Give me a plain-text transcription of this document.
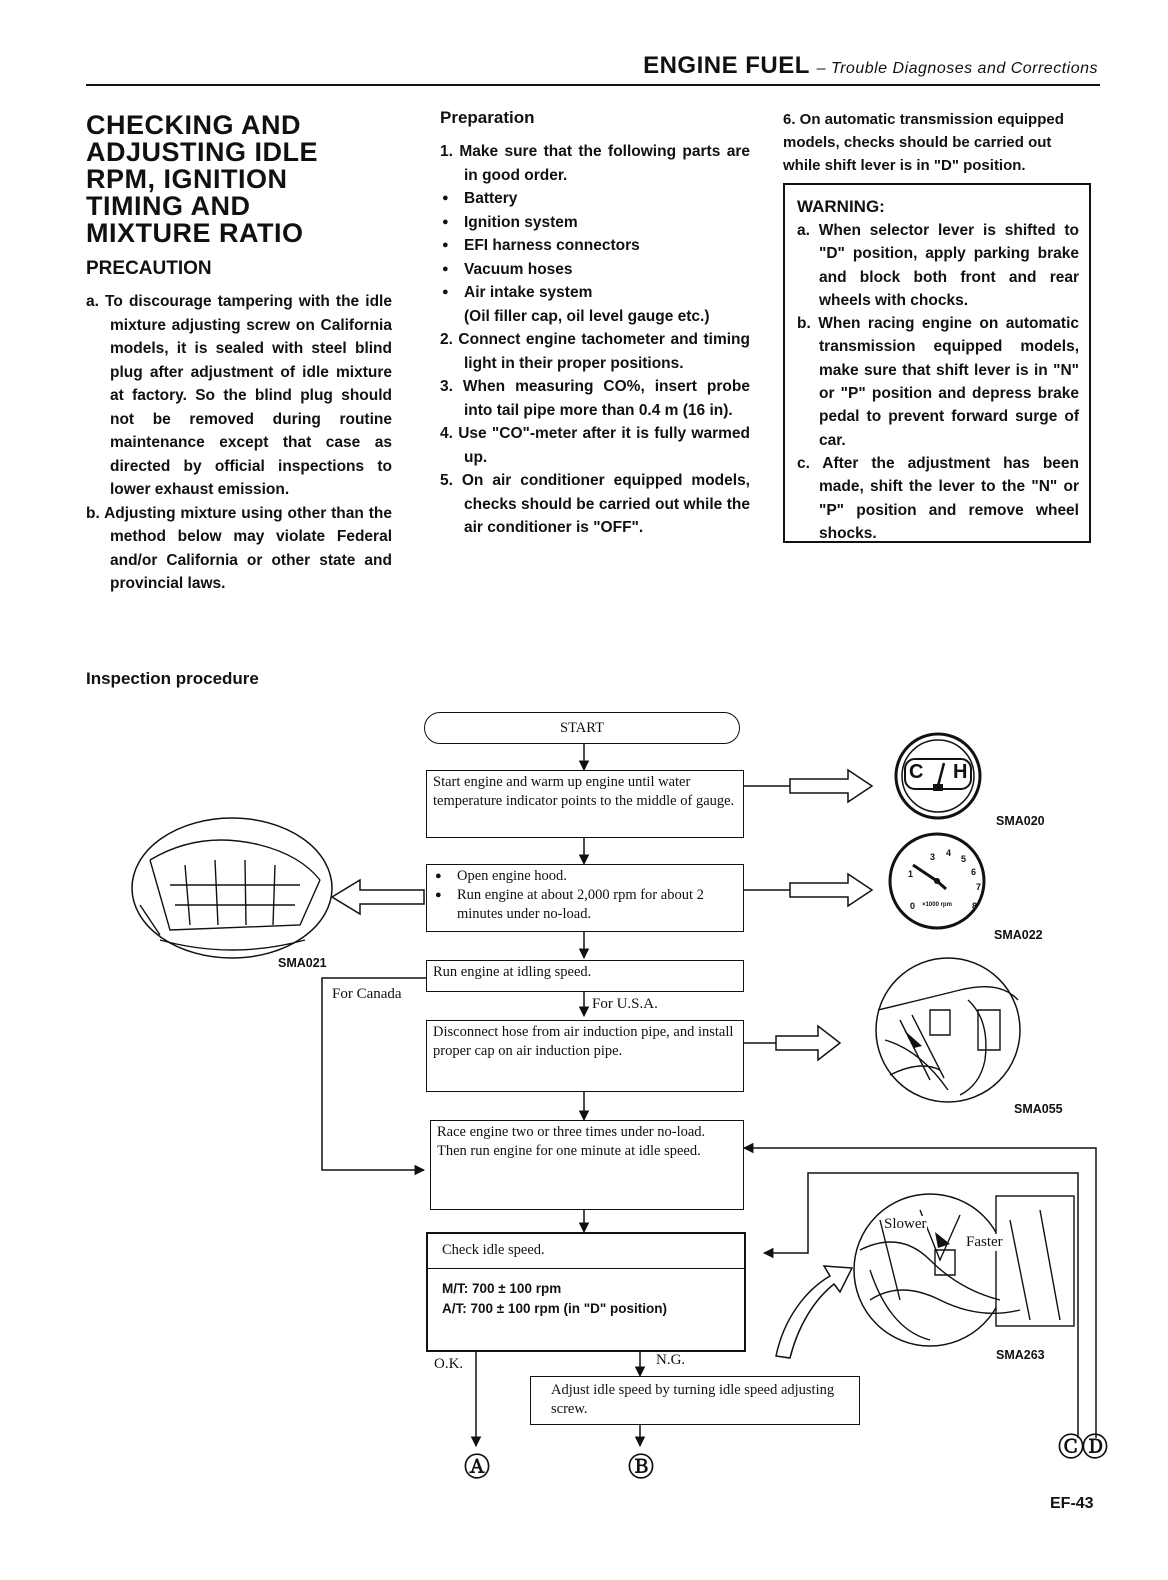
ENGINE FUEL – Trouble Diagnoses and Corrections
CHECKING AND
ADJUSTING IDLE
RPM, IGNITION
TIMING AND
MIXTURE RATIO
PRECAUTION

a. To discourage tampering with the idle mixture adjusting screw on California models, it is sealed with steel blind plug after adjustment of idle mixture at factory. So the blind plug should not be removed during routine maintenance except that case as directed by official inspections to lower exhaust emission.

b. Adjusting mixture using other than the method below may violate Federal and/or California or other state and provincial laws.

Preparation

1. Make sure that the following parts are in good order.

● Battery
● Ignition system
● EFI harness connectors
● Vacuum hoses
● Air intake system
(Oil filler cap, oil level gauge etc.)

2. Connect engine tachometer and timing light in their proper positions.

3. When measuring CO%, insert probe into tail pipe more than 0.4 m (16 in).

4. Use "CO"-meter after it is fully warmed up.

5. On air conditioner equipped models, checks should be carried out while the air conditioner is "OFF".

6. On automatic transmission equipped models, checks should be carried out while shift lever is in "D" position.
WARNING:

a. When selector lever is shifted to "D" position, apply parking brake and block both front and rear wheels with chocks.

b. When racing engine on automatic transmission equipped models, make sure that shift lever is in "N" or "P" position and depress brake pedal to prevent forward surge of car.

c. After the adjustment has been made, shift the lever to the "N" or "P" position and remove wheel shocks.

Inspection procedure
START
Start engine and warm up engine until water temperature indicator points to the middle of gauge.
● Open engine hood.
● Run engine at about 2,000 rpm for about 2 minutes under no-load.
Run engine at idling speed.
For Canada
For U.S.A.
Disconnect hose from air induction pipe, and install proper cap on air induction pipe.
Race engine two or three times under no-load. Then run engine for one minute at idle speed.
Check idle speed.
M/T: 700 ± 100 rpm
A/T: 700 ± 100 rpm (in "D" position)
O.K.	N.G.
Adjust idle speed by turning idle speed adjusting screw.
Ⓐ	Ⓑ
Ⓒ
Ⓓ
C H
SMA020
3 4
5
6
1
7
0	8
×1000 rpm
SMA022
SMA021
SMA055
Slower
Faster
SMA263
EF-43
